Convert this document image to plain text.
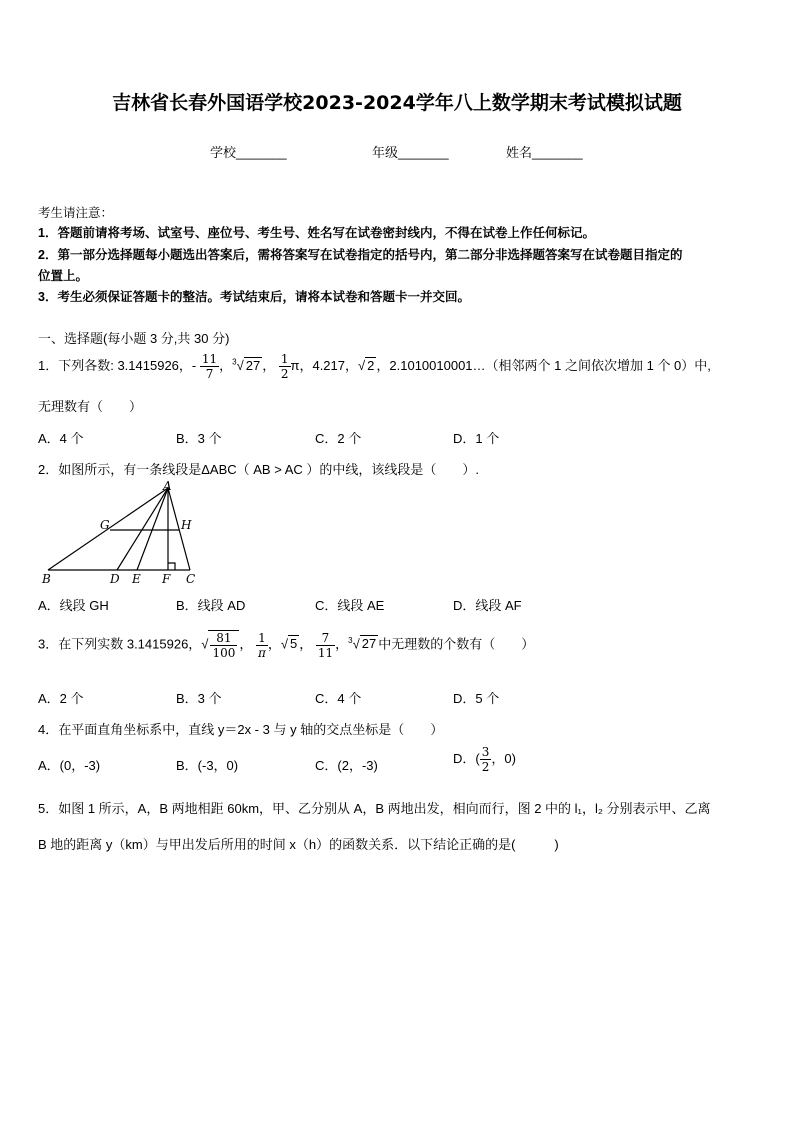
吉林省长春外国语学校2023-2024学年八上数学期末考试模拟试题
学校_______	年级_______	姓名_______
考生请注意：
1．答题前请将考场、试室号、座位号、考生号、姓名写在试卷密封线内，不得在试卷上作任何标记。
2．第一部分选择题每小题选出答案后，需将答案写在试卷指定的括号内，第二部分非选择题答案写在试卷题目指定的
位置上。
3．考生必须保证答题卡的整洁。考试结束后，请将本试卷和答题卡一并交回。
一、选择题(每小题 3 分,共 30 分)
1．下列各数: 3.1415926，- $\frac{11}{7}$ ，$^3$√ 27 ， $\frac{1}{2}$ π，4.217，√ 2 ，2.1010010001…（相邻两个 1 之间依次增加 1 个 0）中,
无理数有（　　）
A．4 个	B．3 个	C．2 个	D．1 个
2．如图所示，有一条线段是ΔABC（ AB > AC ）的中线，该线段是（　　）.
A
G	H
B	D E F C
A．线段 GH	B．线段 AD	C．线段 AE	D．线段 AF
3．在下列实数 3.1415926，√ $\frac{81}{100}$ ， $\frac{1}{\pi}$ ，√ 5 ， $\frac{7}{11}$ ，$^3$√ 27 中无理数的个数有（　　）
A．2 个	B．3 个	C．4 个	D．5 个
4．在平面直角坐标系中，直线 y＝2x - 3 与 y 轴的交点坐标是（　　）
A．(0，-3)	B．(-3，0)	C．(2，-3)	D．( $\frac{3}{2}$ ，0)
5．如图 1 所示，A，B 两地相距 60km，甲、乙分别从 A，B 两地出发，相向而行，图 2 中的 l₁，l₂ 分别表示甲、乙离
B 地的距离 y（km）与甲出发后所用的时间 x（h）的函数关系．以下结论正确的是(　　　)
